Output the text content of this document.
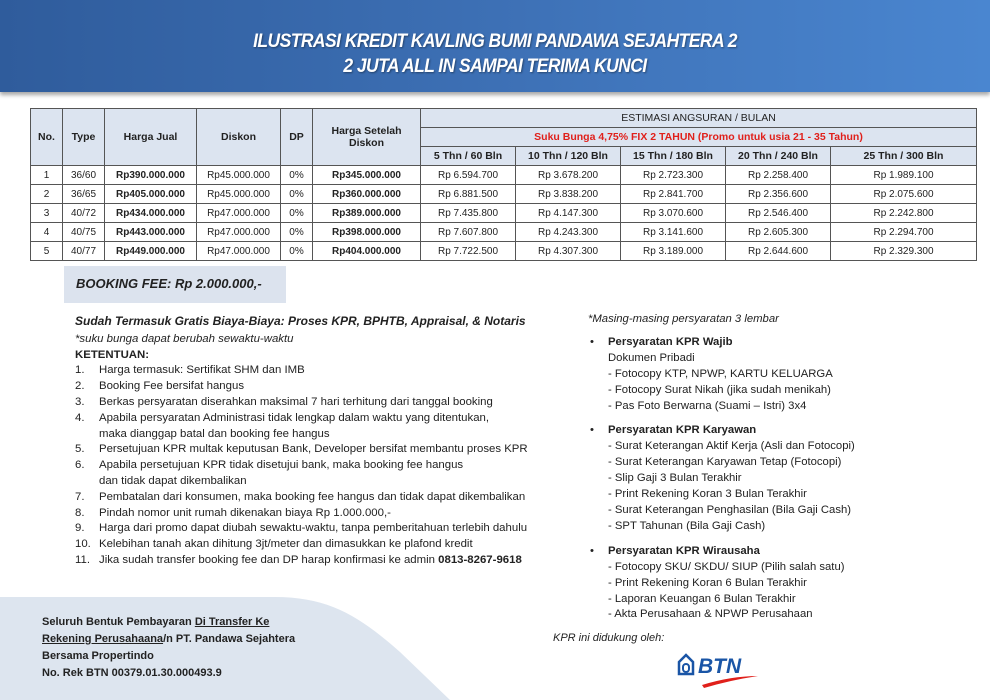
ILUSTRASI KREDIT KAVLING BUMI PANDAWA SEJAHTERA 2
2 JUTA ALL IN SAMPAI TERIMA KUNCI
No.	Type	Harga Jual	Diskon	DP	Harga Setelah Diskon	ESTIMASI ANGSURAN / BULAN				
						Suku Bunga 4,75% FIX 2 TAHUN (Promo untuk usia 21 - 35 Tahun)				
						5 Thn / 60 Bln	10 Thn / 120 Bln	15 Thn / 180 Bln	20 Thn / 240 Bln	25 Thn / 300 Bln
1	36/60	Rp390.000.000	Rp45.000.000	0%	Rp345.000.000	Rp 6.594.700	Rp 3.678.200	Rp 2.723.300	Rp 2.258.400	Rp 1.989.100
2	36/65	Rp405.000.000	Rp45.000.000	0%	Rp360.000.000	Rp 6.881.500	Rp 3.838.200	Rp 2.841.700	Rp 2.356.600	Rp 2.075.600
3	40/72	Rp434.000.000	Rp47.000.000	0%	Rp389.000.000	Rp 7.435.800	Rp 4.147.300	Rp 3.070.600	Rp 2.546.400	Rp 2.242.800
4	40/75	Rp443.000.000	Rp47.000.000	0%	Rp398.000.000	Rp 7.607.800	Rp 4.243.300	Rp 3.141.600	Rp 2.605.300	Rp 2.294.700
5	40/77	Rp449.000.000	Rp47.000.000	0%	Rp404.000.000	Rp 7.722.500	Rp 4.307.300	Rp 3.189.000	Rp 2.644.600	Rp 2.329.300
BOOKING FEE: Rp 2.000.000,-
Sudah Termasuk Gratis Biaya-Biaya: Proses KPR, BPHTB, Appraisal, & Notaris
*suku bunga dapat berubah sewaktu-waktu
KETENTUAN:
1.	Harga termasuk: Sertifikat SHM dan IMB
2.	Booking Fee bersifat hangus
3.	Berkas persyaratan diserahkan maksimal 7 hari terhitung dari tanggal booking
4.	Apabila persyaratan Administrasi tidak lengkap dalam waktu yang ditentukan,
maka dianggap batal dan booking fee hangus
5.	Persetujuan KPR multak keputusan Bank, Developer bersifat membantu proses KPR
6.	Apabila persetujuan KPR tidak disetujui bank, maka booking fee hangus
dan tidak dapat dikembalikan
7.	Pembatalan dari konsumen, maka booking fee hangus dan tidak dapat dikembalikan
8.	Pindah nomor unit rumah dikenakan biaya Rp 1.000.000,-
9.	Harga dari promo dapat diubah sewaktu-waktu, tanpa pemberitahuan terlebih dahulu
10. Kelebihan tanah akan dihitung 3jt/meter dan dimasukkan ke plafond kredit
11. Jika sudah transfer booking fee dan DP harap konfirmasi ke admin 0813-8267-9618
*Masing-masing persyaratan 3 lembar
• Persyaratan KPR Wajib
Dokumen Pribadi
- Fotocopy KTP, NPWP, KARTU KELUARGA
- Fotocopy Surat Nikah (jika sudah menikah)
- Pas Foto Berwarna (Suami – Istri) 3x4
• Persyaratan KPR Karyawan
- Surat Keterangan Aktif Kerja (Asli dan Fotocopi)
- Surat Keterangan Karyawan Tetap (Fotocopi)
- Slip Gaji 3 Bulan Terakhir
- Print Rekening Koran 3 Bulan Terakhir
- Surat Keterangan Penghasilan (Bila Gaji Cash)
- SPT Tahunan (Bila Gaji Cash)
• Persyaratan KPR Wirausaha
- Fotocopy SKU/ SKDU/ SIUP (Pilih salah satu)
- Print Rekening Koran 6 Bulan Terakhir
- Laporan Keuangan 6 Bulan Terakhir
- Akta Perusahaan & NPWP Perusahaan
Seluruh Bentuk Pembayaran Di Transfer Ke
Rekening Perusahaana/n PT. Pandawa Sejahtera
Bersama Propertindo
No. Rek BTN 00379.01.30.000493.9
KPR ini didukung oleh:
BTN
